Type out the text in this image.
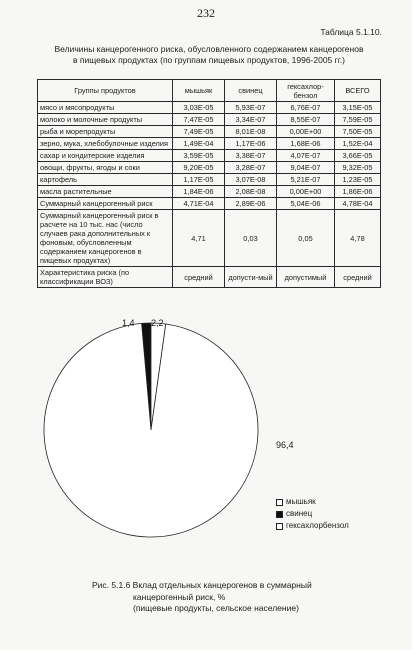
232
Таблица 5.1.10.
Величины канцерогенного риска, обусловленного содержанием канцерогенов
в пищевых продуктах (по группам пищевых продуктов, 1996-2005 гг.)
Группы продуктов	мышьяк	свинец	гексахлор-бензол	ВСЕГО
мясо и мясопродукты	3,03Е-05	5,93Е-07	6,76Е-07	3,15Е-05
молоко и молочные продукты	7,47Е-05	3,34Е-07	8,55Е-07	7,59Е-05
рыба и морепродукты	7,49Е-05	8,01Е-08	0,00Е+00	7,50Е-05
зерно, мука, хлебобулочные изделия	1,49Е-04	1,17Е-06	1,68Е-06	1,52Е-04
сахар и кондитерские изделия	3,59Е-05	3,38Е-07	4,07Е-07	3,66Е-05
овощи, фрукты, ягоды и соки	9,20Е-05	3,28Е-07	9,04Е-07	9,32Е-05
картофель	1,17Е-05	3,07Е-08	5,21Е-07	1,23Е-05
масла растительные	1,84Е-06	2,08Е-08	0,00Е+00	1,86Е-06
Суммарный канцерогенный риск	4,71Е-04	2,89Е-06	5,04Е-06	4,78Е-04
Суммарный канцерогенный риск в расчете на 10 тыс. нас (число случаев рака дополнительных к фоновым, обусловленным содержанием канцерогенов в пищевых продуктах)	4,71	0,03	0,05	4,78
Характеристика риска (по классификации ВОЗ)	средний	допусти-мый	допустимый	средний
1,4 2,2
96,4
мышьяк
свинец
гексахлорбензол
Рис. 5.1.6 Вклад отдельных канцерогенов в суммарный
канцерогенный риск, %
(пищевые продукты, сельское население)
